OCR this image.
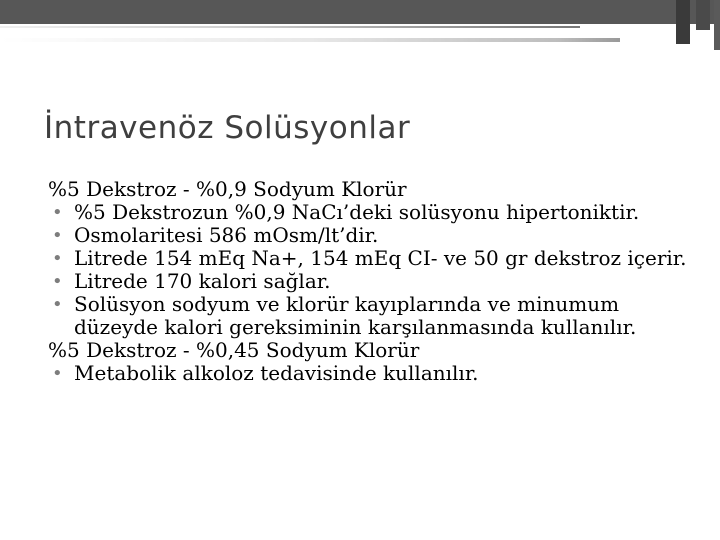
İntravenöz Solüsyonlar

%5 Dekstroz - %0,9 Sodyum Klorür

• %5 Dekstrozun %0,9 NaCı’deki solüsyonu hipertoniktir.
• Osmolaritesi 586 mOsm/lt’dir.
• Litrede 154 mEq Na+, 154 mEq CI- ve 50 gr dekstroz içerir.
• Litrede 170 kalori sağlar.
• Solüsyon sodyum ve klorür kayıplarında ve minumum düzeyde kalori gereksiminin karşılanmasında kullanılır.

%5 Dekstroz - %0,45 Sodyum Klorür

• Metabolik alkoloz tedavisinde kullanılır.
